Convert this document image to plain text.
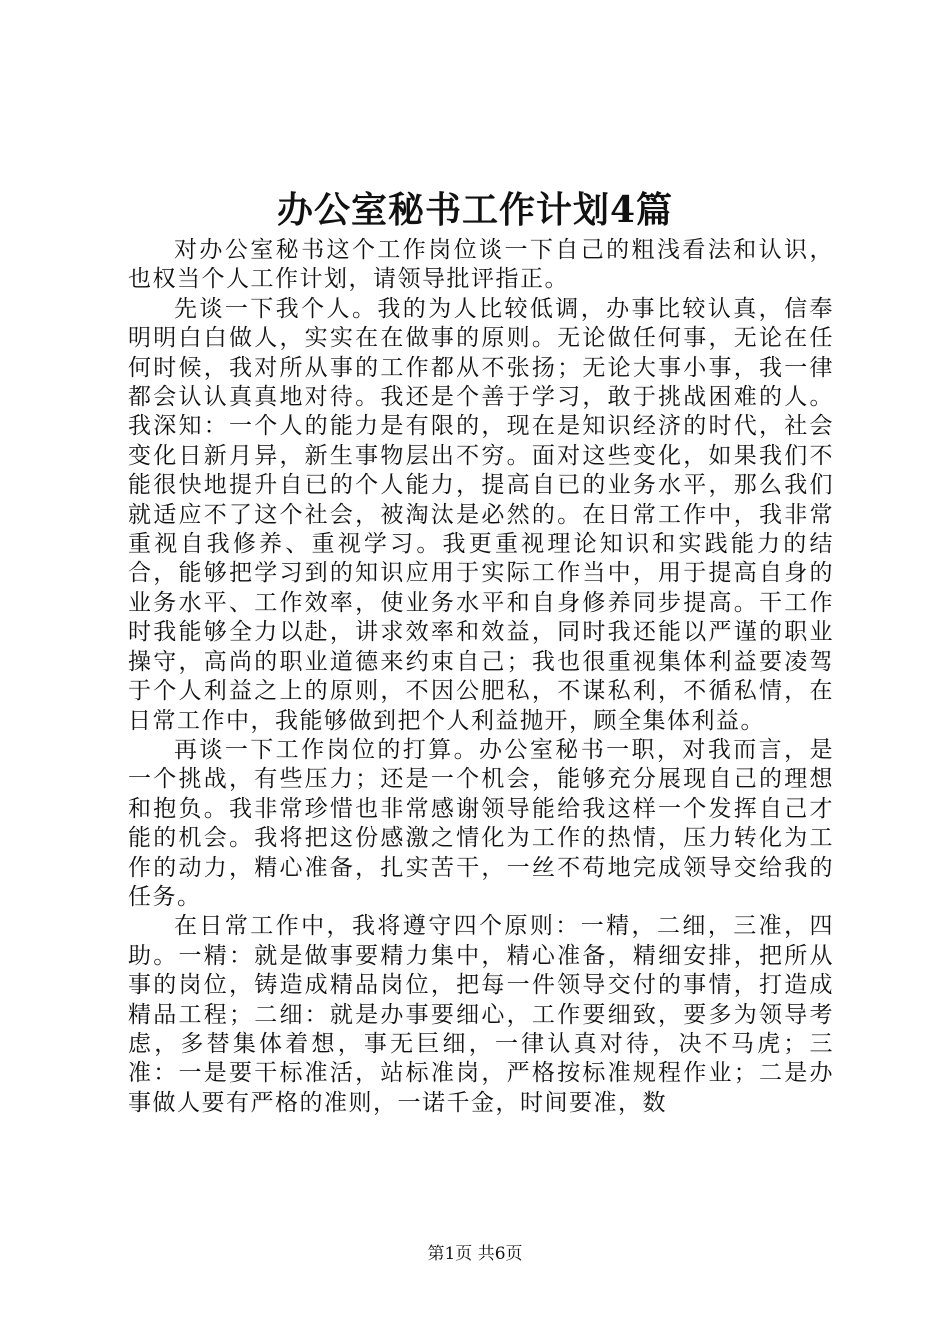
办公室秘书工作计划4篇

对办公室秘书这个工作岗位谈一下自己的粗浅看法和认识，也权当个人工作计划，请领导批评指正。

先谈一下我个人。我的为人比较低调，办事比较认真，信奉明明白白做人，实实在在做事的原则。无论做任何事，无论在任何时候，我对所从事的工作都从不张扬；无论大事小事，我一律都会认认真真地对待。我还是个善于学习，敢于挑战困难的人。我深知：一个人的能力是有限的，现在是知识经济的时代，社会变化日新月异，新生事物层出不穷。面对这些变化，如果我们不能很快地提升自已的个人能力，提高自已的业务水平，那么我们就适应不了这个社会，被淘汰是必然的。在日常工作中，我非常重视自我修养、重视学习。我更重视理论知识和实践能力的结合，能够把学习到的知识应用于实际工作当中，用于提高自身的业务水平、工作效率，使业务水平和自身修养同步提高。干工作时我能够全力以赴，讲求效率和效益，同时我还能以严谨的职业操守，高尚的职业道德来约束自己；我也很重视集体利益要凌驾于个人利益之上的原则，不因公肥私，不谋私利，不循私情，在日常工作中，我能够做到把个人利益抛开，顾全集体利益。

再谈一下工作岗位的打算。办公室秘书一职，对我而言，是一个挑战，有些压力；还是一个机会，能够充分展现自己的理想和抱负。我非常珍惜也非常感谢领导能给我这样一个发挥自己才能的机会。我将把这份感激之情化为工作的热情，压力转化为工作的动力，精心准备，扎实苦干，一丝不苟地完成领导交给我的任务。

在日常工作中，我将遵守四个原则：一精，二细，三准，四助。一精：就是做事要精力集中，精心准备，精细安排，把所从事的岗位，铸造成精品岗位，把每一件领导交付的事情，打造成精品工程；二细：就是办事要细心，工作要细致，要多为领导考虑，多替集体着想，事无巨细，一律认真对待，决不马虎；三准：一是要干标准活，站标准岗，严格按标准规程作业；二是办事做人要有严格的准则，一诺千金，时间要准，数

第1页 共6页
